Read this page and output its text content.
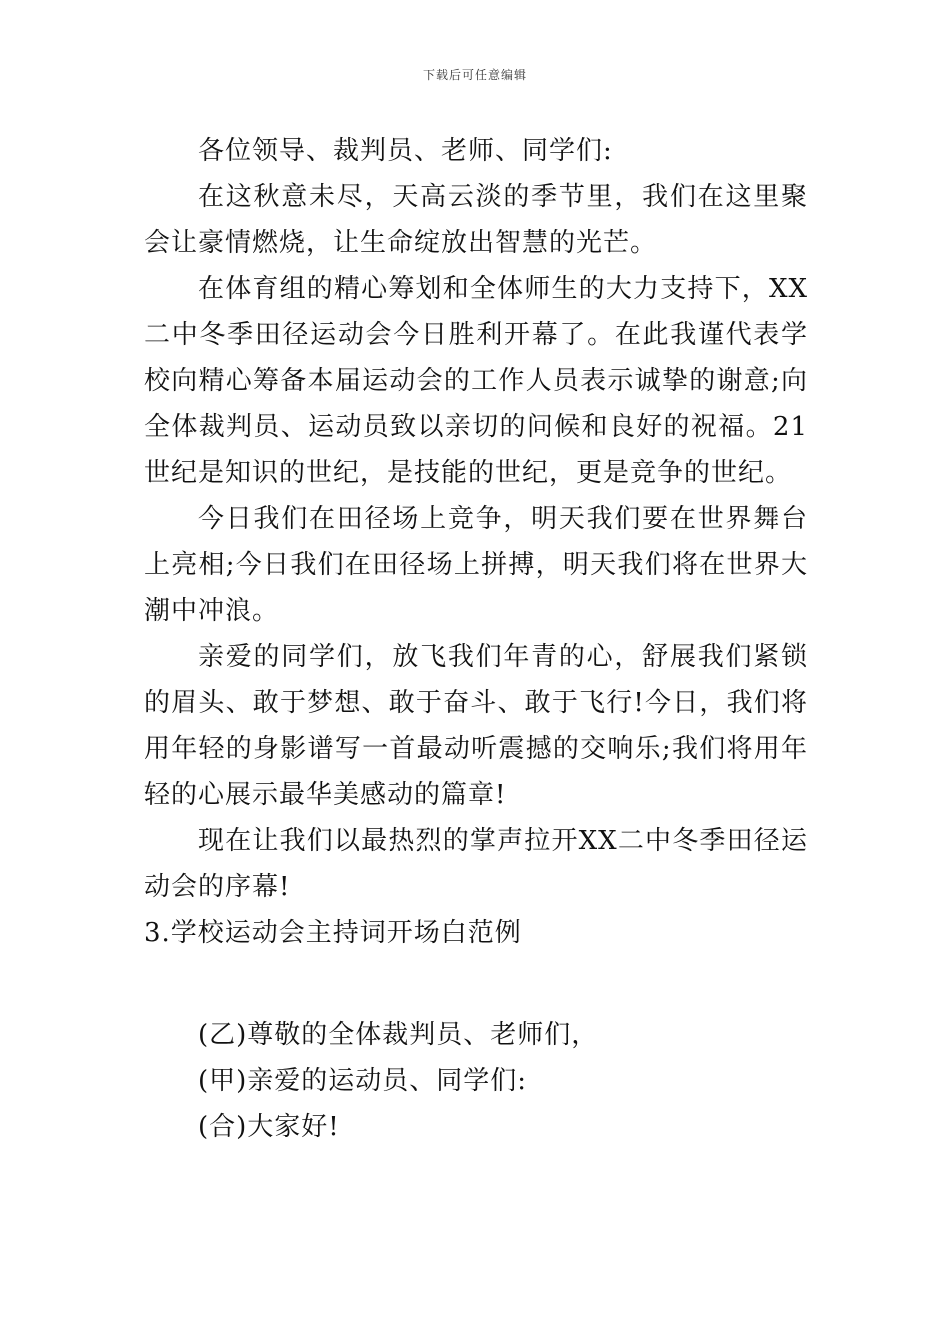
下载后可任意编辑

各位领导、裁判员、老师、同学们:

在这秋意未尽，天高云淡的季节里，我们在这里聚会让豪情燃烧，让生命绽放出智慧的光芒。

在体育组的精心筹划和全体师生的大力支持下，XX二中冬季田径运动会今日胜利开幕了。在此我谨代表学校向精心筹备本届运动会的工作人员表示诚挚的谢意;向全体裁判员、运动员致以亲切的问候和良好的祝福。21世纪是知识的世纪，是技能的世纪，更是竞争的世纪。

今日我们在田径场上竞争，明天我们要在世界舞台上亮相;今日我们在田径场上拼搏，明天我们将在世界大潮中冲浪。

亲爱的同学们，放飞我们年青的心，舒展我们紧锁的眉头、敢于梦想、敢于奋斗、敢于飞行!今日，我们将用年轻的身影谱写一首最动听震撼的交响乐;我们将用年轻的心展示最华美感动的篇章!

现在让我们以最热烈的掌声拉开XX二中冬季田径运动会的序幕!

3.学校运动会主持词开场白范例

(乙)尊敬的全体裁判员、老师们，

(甲)亲爱的运动员、同学们:

(合)大家好!
